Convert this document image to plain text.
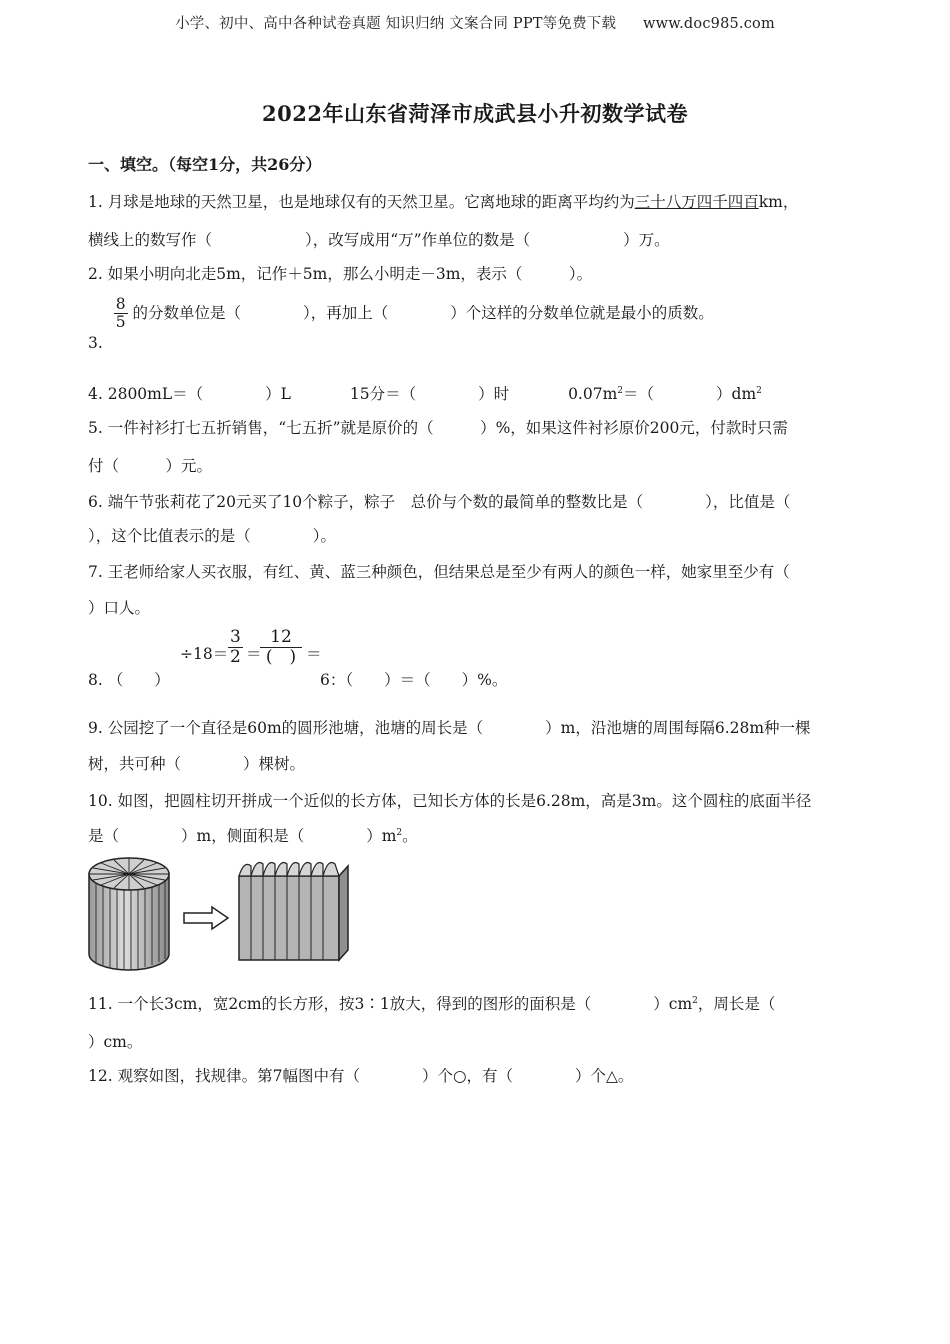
小学、初中、高中各种试卷真题 知识归纳 文案合同 PPT等免费下载 www.doc985.com
2022年山东省菏泽市成武县小升初数学试卷
一、填空。（每空1分，共26分）
1. 月球是地球的天然卫星，也是地球仅有的天然卫星。它离地球的距离平均约为三十八万四千四百km，
横线上的数写作（　　　　　　），改写成用“万”作单位的数是（　　　　　　）万。
2. 如果小明向北走5m，记作＋5m，那么小明走－3m，表示（　　　）。
3.
$\frac{8}{5}$ 的分数单位是（　　　　），再加上（　　　　）个这样的分数单位就是最小的质数。
4. 2800mL＝（　　　　）L	15分＝（　　　　）时	$0.07m^2=$（　　　　）$dm^2$
5. 一件衬衫打七五折销售，“七五折”就是原价的（　　　）%，如果这件衬衫原价200元，付款时只需
付（　　　）元。
6. 端午节张莉花了20元买了10个粽子，粽子　总价与个数的最简单的整数比是（　　　　），比值是（
），这个比值表示的是（　　　　）。
7. 王老师给家人买衣服，有红、黄、蓝三种颜色，但结果总是至少有两人的颜色一样，她家里至少有（
）口人。
8. （　　）
$\div 18= \frac{3}{2}$ ＝
12
(　) ＝
6：（　　）＝（　　）%。
9. 公园挖了一个直径是60m的圆形池塘，池塘的周长是（　　　　）m，沿池塘的周围每隔6.28m种一棵
树，共可种（　　　　）棵树。
10. 如图，把圆柱切开拼成一个近似的长方体，已知长方体的长是6.28m，高是3m。这个圆柱的底面半径
是（　　　　）m，侧面积是（　　　　）$m^2$。
11. 一个长3cm，宽2cm的长方形，按3∶1放大，得到的图形的面积是（　　　　）$cm^2$，周长是（
）cm。
12. 观察如图，找规律。第7幅图中有（　　　　）个○，有（　　　　）个△。
